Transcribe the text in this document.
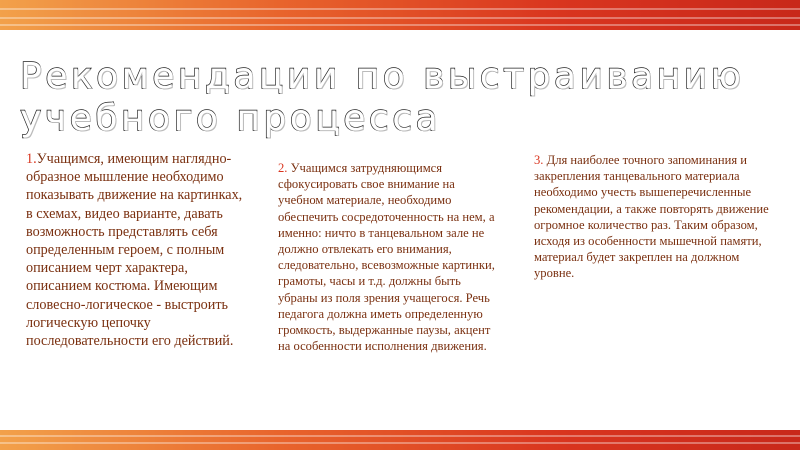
Рекомендации по выстраиванию
учебного процесса
1.Учащимся, имеющим наглядно-образное мышление необходимо показывать движение на картинках, в схемах, видео варианте, давать возможность представлять себя определенным героем, с полным описанием черт характера, описанием костюма. Имеющим словесно-логическое - выстроить логическую цепочку последовательности его действий.
2. Учащимся затрудняющимся сфокусировать свое внимание на учебном материале, необходимо обеспечить сосредоточенность на нем, а именно: ничто в танцевальном зале не должно отвлекать его внимания, следовательно, всевозможные картинки, грамоты, часы и т.д. должны быть убраны из поля зрения учащегося. Речь педагога должна иметь определенную громкость, выдержанные паузы, акцент на особенности исполнения движения.
3. Для наиболее точного запоминания и закрепления танцевального материала необходимо учесть вышеперечисленные рекомендации, а также повторять движение огромное количество раз. Таким образом, исходя из особенности мышечной памяти, материал будет закреплен на должном уровне.
